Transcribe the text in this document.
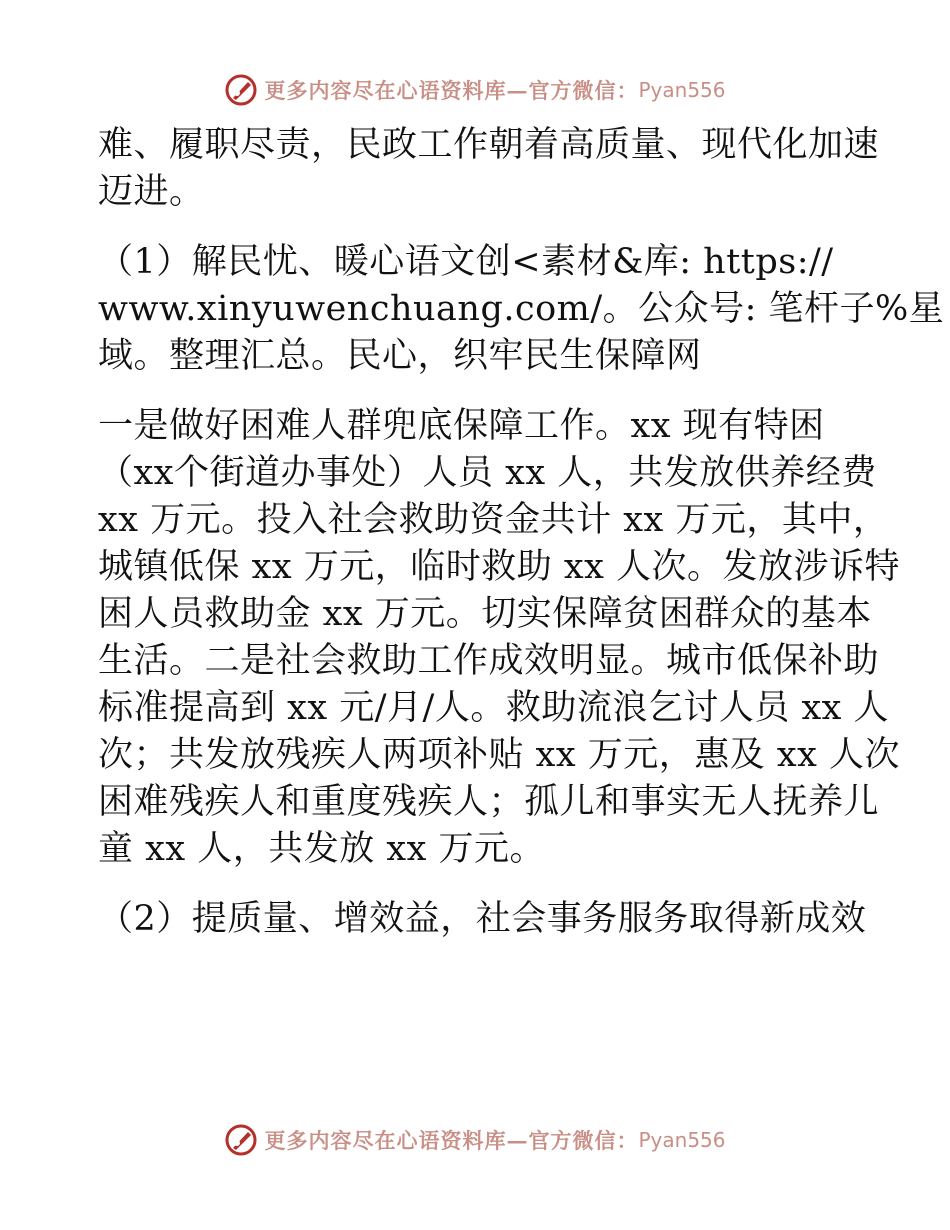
更多内容尽在心语资料库—官方微信： Pyan556

难、履职尽责，民政工作朝着高质量、现代化加速
迈进。

（1）解民忧、暖心语文创<素材&库: https://
www.xinyuwenchuang.com/。公众号: 笔杆子%星
域。整理汇总。民心，织牢民生保障网

一是做好困难人群兜底保障工作。xx 现有特困
（xx个街道办事处）人员 xx 人，共发放供养经费
xx 万元。投入社会救助资金共计 xx 万元，其中，
城镇低保 xx 万元，临时救助 xx 人次。发放涉诉特
困人员救助金 xx 万元。切实保障贫困群众的基本
生活。二是社会救助工作成效明显。城市低保补助
标准提高到 xx 元/月/人。救助流浪乞讨人员 xx 人
次；共发放残疾人两项补贴 xx 万元，惠及 xx 人次
困难残疾人和重度残疾人；孤儿和事实无人抚养儿
童 xx 人，共发放 xx 万元。

（2）提质量、增效益，社会事务服务取得新成效

更多内容尽在心语资料库—官方微信： Pyan556
